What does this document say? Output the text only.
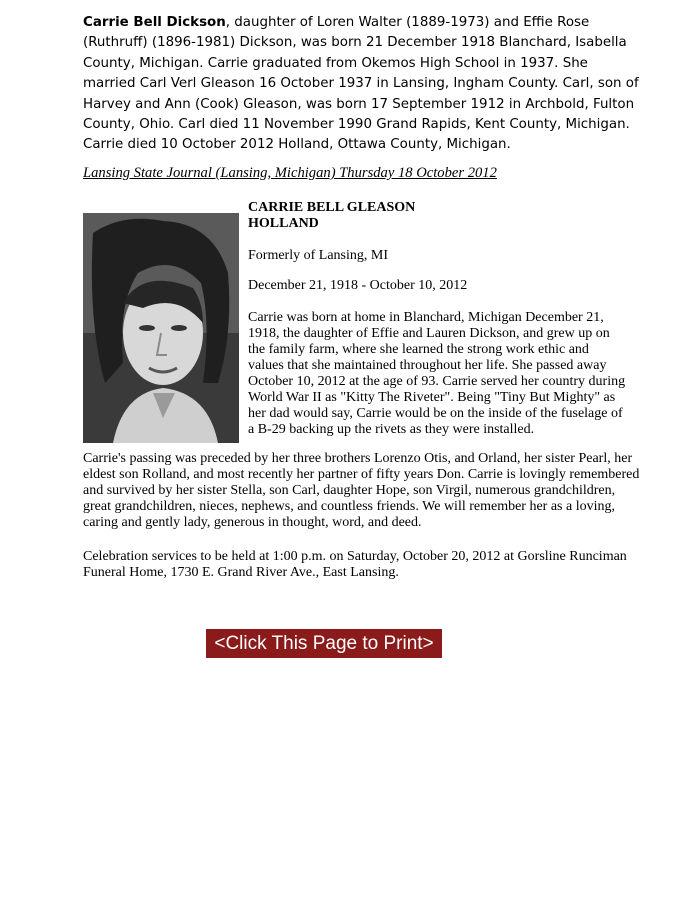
Carrie Bell Dickson, daughter of Loren Walter (1889-1973) and Effie Rose (Ruthruff) (1896-1981) Dickson, was born 21 December 1918 Blanchard, Isabella County, Michigan. Carrie graduated from Okemos High School in 1937. She married Carl Verl Gleason 16 October 1937 in Lansing, Ingham County. Carl, son of Harvey and Ann (Cook) Gleason, was born 17 September 1912 in Archbold, Fulton County, Ohio. Carl died 11 November 1990 Grand Rapids, Kent County, Michigan. Carrie died 10 October 2012 Holland, Ottawa County, Michigan.
Lansing State Journal (Lansing, Michigan) Thursday 18 October 2012
CARRIE BELL GLEASON
HOLLAND
Formerly of Lansing, MI
December 21, 1918 - October 10, 2012
Carrie was born at home in Blanchard, Michigan December 21, 1918, the daughter of Effie and Lauren Dickson, and grew up on the family farm, where she learned the strong work ethic and values that she maintained throughout her life. She passed away October 10, 2012 at the age of 93. Carrie served her country during World War II as "Kitty The Riveter". Being "Tiny But Mighty" as her dad would say, Carrie would be on the inside of the fuselage of a B-29 backing up the rivets as they were installed.
Carrie's passing was preceded by her three brothers Lorenzo Otis, and Orland, her sister Pearl, her eldest son Rolland, and most recently her partner of fifty years Don. Carrie is lovingly remembered and survived by her sister Stella, son Carl, daughter Hope, son Virgil, numerous grandchildren, great grandchildren, nieces, nephews, and countless friends. We will remember her as a loving, caring and gently lady, generous in thought, word, and deed.
Celebration services to be held at 1:00 p.m. on Saturday, October 20, 2012 at Gorsline Runciman Funeral Home, 1730 E. Grand River Ave., East Lansing.
<Click This Page to Print>
